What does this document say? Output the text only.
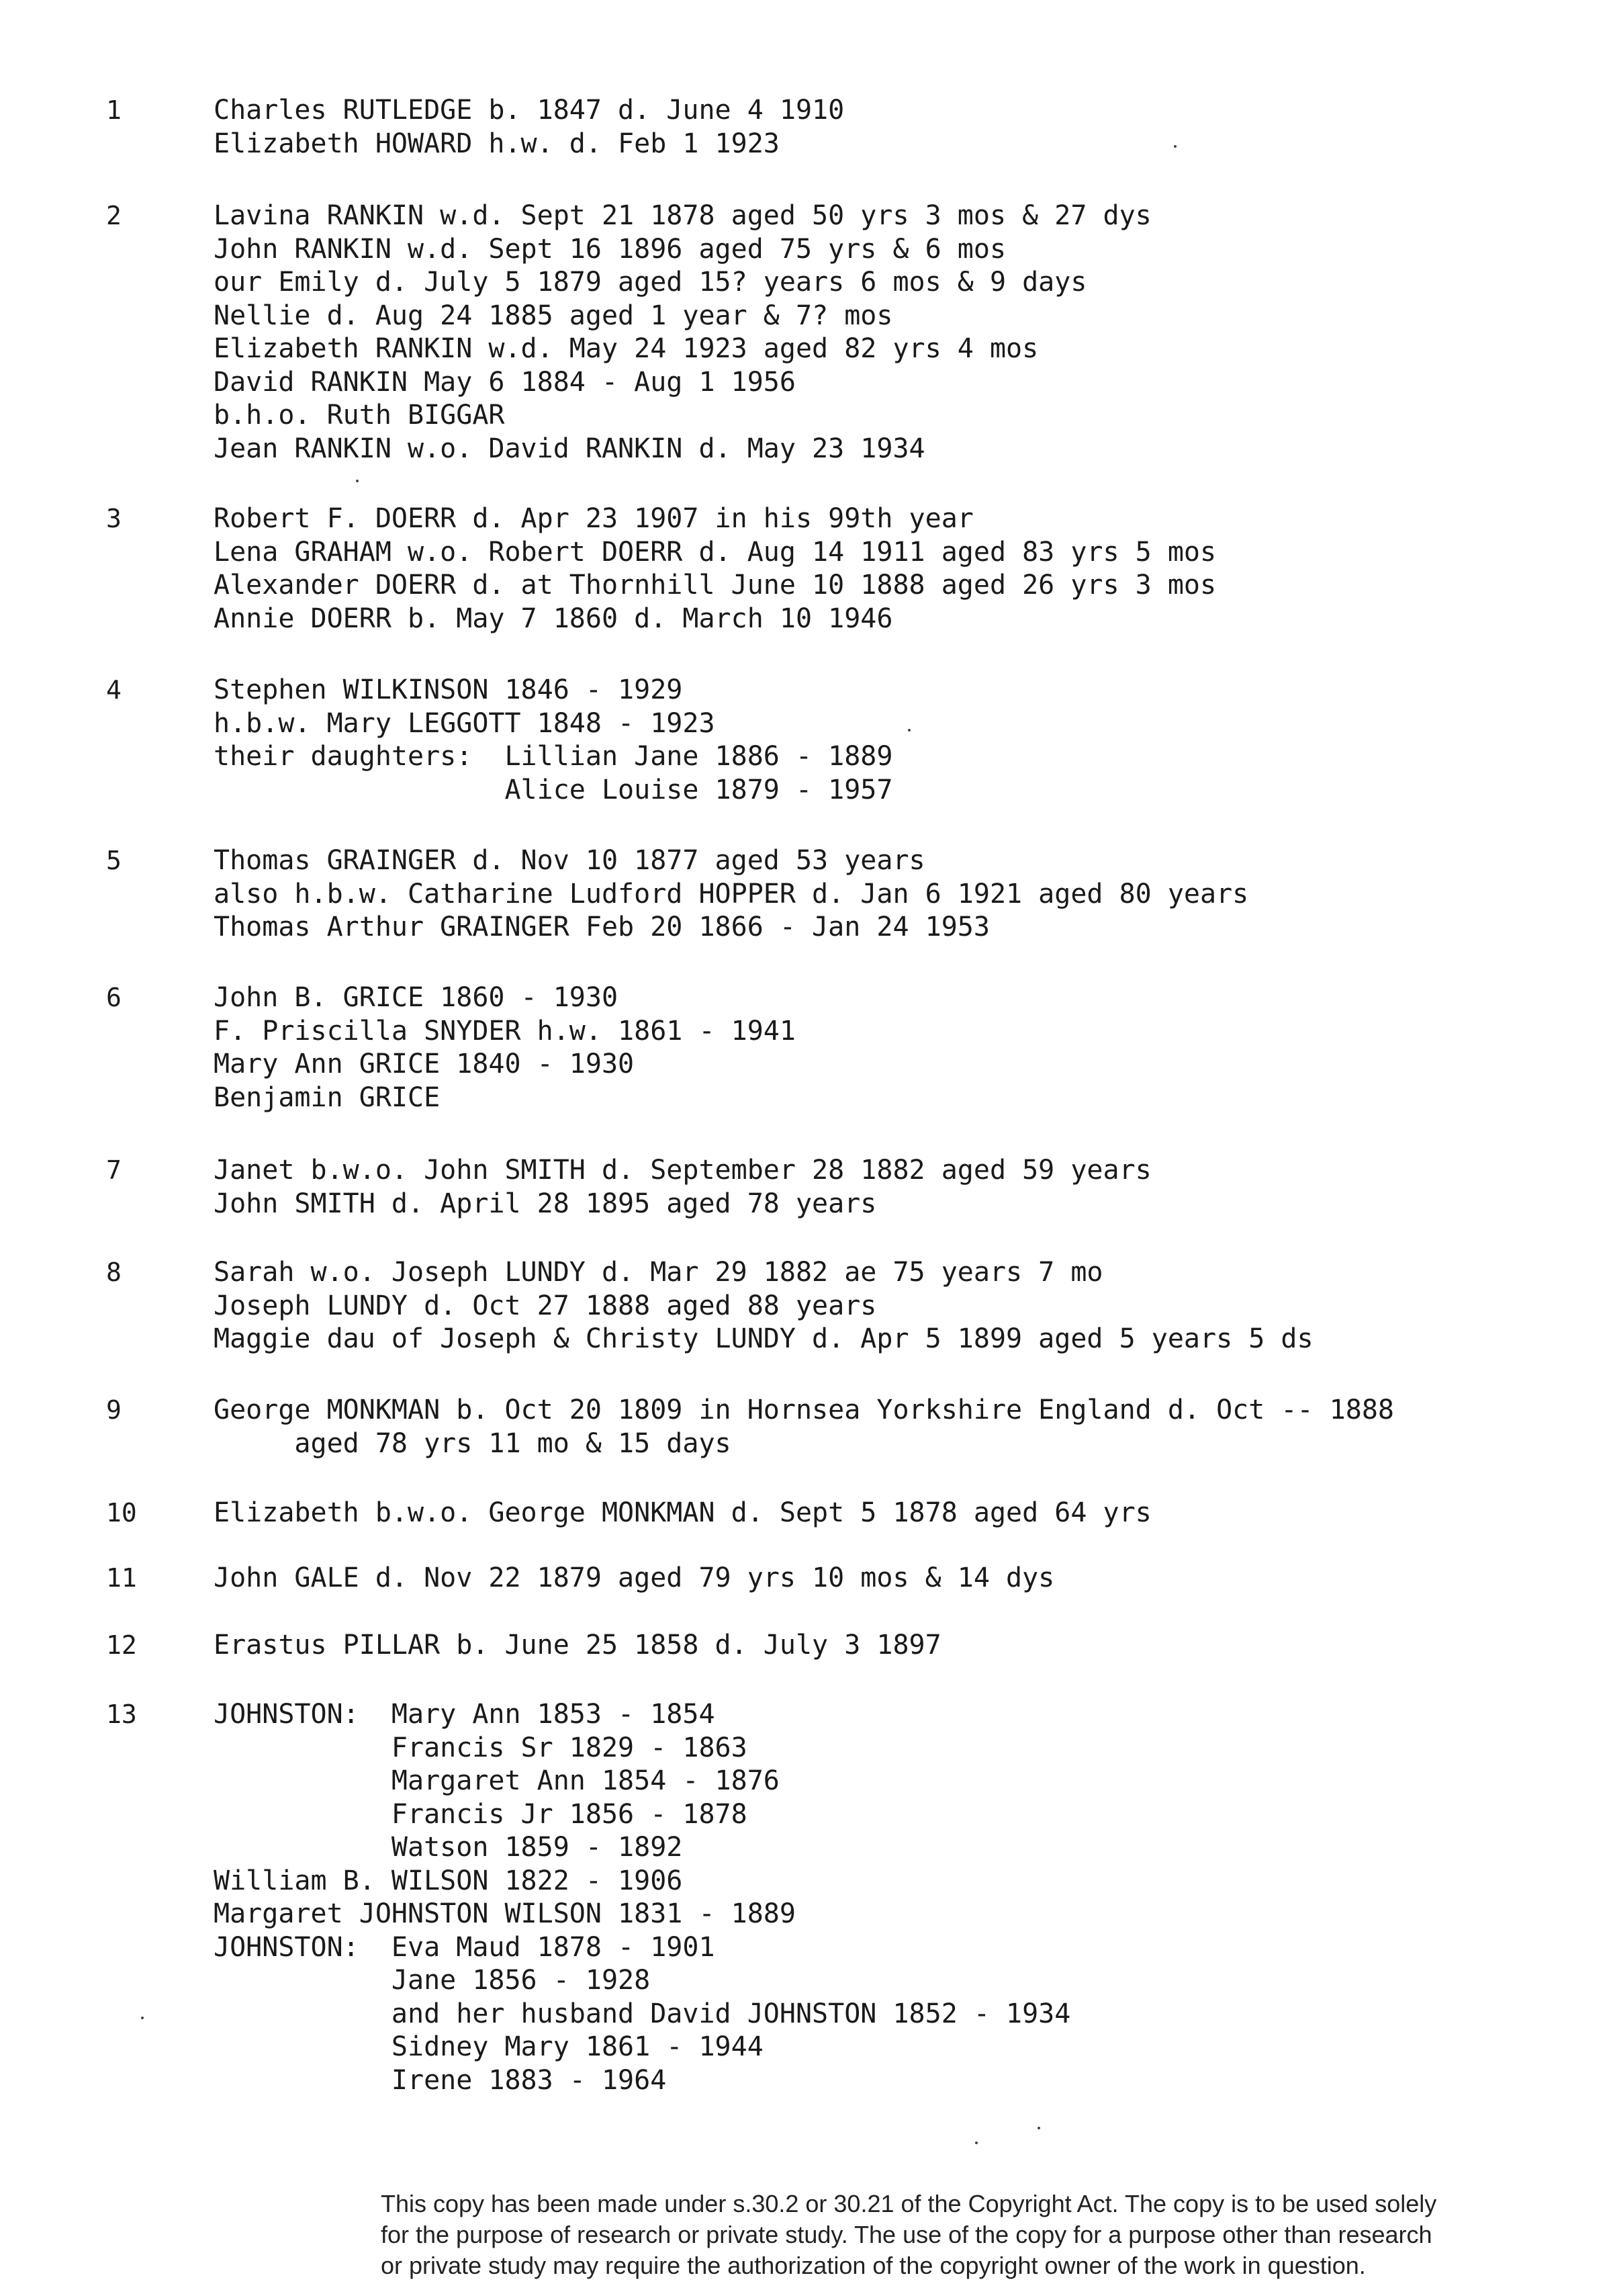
1	Charles RUTLEDGE b. 1847 d. June 4 1910
Elizabeth HOWARD h.w. d. Feb 1 1923
2	Lavina RANKIN w.d. Sept 21 1878 aged 50 yrs 3 mos & 27 dys
John RANKIN w.d. Sept 16 1896 aged 75 yrs & 6 mos
our Emily d. July 5 1879 aged 15? years 6 mos & 9 days
Nellie d. Aug 24 1885 aged 1 year & 7? mos
Elizabeth RANKIN w.d. May 24 1923 aged 82 yrs 4 mos
David RANKIN May 6 1884 - Aug 1 1956
b.h.o. Ruth BIGGAR
Jean RANKIN w.o. David RANKIN d. May 23 1934
3	Robert F. DOERR d. Apr 23 1907 in his 99th year
Lena GRAHAM w.o. Robert DOERR d. Aug 14 1911 aged 83 yrs 5 mos
Alexander DOERR d. at Thornhill June 10 1888 aged 26 yrs 3 mos
Annie DOERR b. May 7 1860 d. March 10 1946
4	Stephen WILKINSON 1846 - 1929
h.b.w. Mary LEGGOTT 1848 - 1923
their daughters:  Lillian Jane 1886 - 1889
Alice Louise 1879 - 1957
5	Thomas GRAINGER d. Nov 10 1877 aged 53 years
also h.b.w. Catharine Ludford HOPPER d. Jan 6 1921 aged 80 years
Thomas Arthur GRAINGER Feb 20 1866 - Jan 24 1953
6	John B. GRICE 1860 - 1930
F. Priscilla SNYDER h.w. 1861 - 1941
Mary Ann GRICE 1840 - 1930
Benjamin GRICE
7	Janet b.w.o. John SMITH d. September 28 1882 aged 59 years
John SMITH d. April 28 1895 aged 78 years
8	Sarah w.o. Joseph LUNDY d. Mar 29 1882 ae 75 years 7 mo
Joseph LUNDY d. Oct 27 1888 aged 88 years
Maggie dau of Joseph & Christy LUNDY d. Apr 5 1899 aged 5 years 5 ds
9	George MONKMAN b. Oct 20 1809 in Hornsea Yorkshire England d. Oct -- 1888
aged 78 yrs 11 mo & 15 days
10	Elizabeth b.w.o. George MONKMAN d. Sept 5 1878 aged 64 yrs
11	John GALE d. Nov 22 1879 aged 79 yrs 10 mos & 14 dys
12	Erastus PILLAR b. June 25 1858 d. July 3 1897
13	JOHNSTON:  Mary Ann 1853 - 1854
Francis Sr 1829 - 1863
Margaret Ann 1854 - 1876
Francis Jr 1856 - 1878
Watson 1859 - 1892
William B. WILSON 1822 - 1906
Margaret JOHNSTON WILSON 1831 - 1889
JOHNSTON:  Eva Maud 1878 - 1901
Jane 1856 - 1928
and her husband David JOHNSTON 1852 - 1934
Sidney Mary 1861 - 1944
Irene 1883 - 1964
This copy has been made under s.30.2 or 30.21 of the Copyright Act. The copy is to be used solely
for the purpose of research or private study. The use of the copy for a purpose other than research
or private study may require the authorization of the copyright owner of the work in question.
